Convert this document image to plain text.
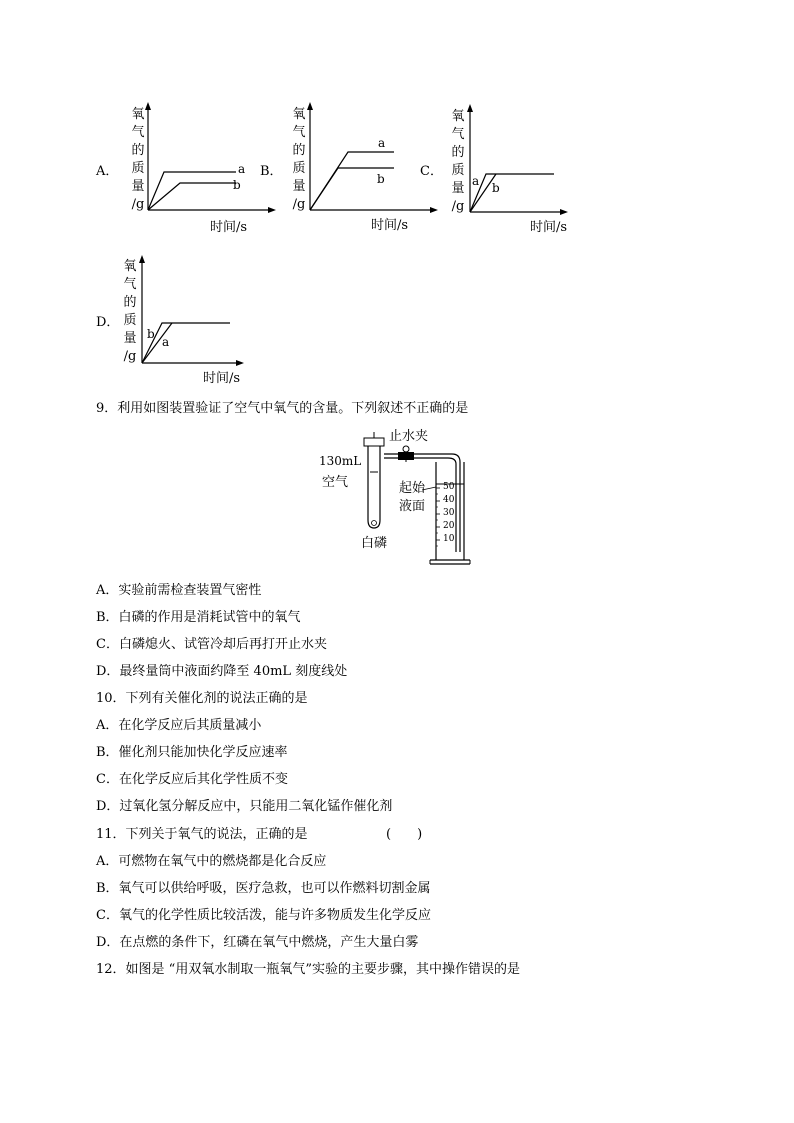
A．
氧
气
的
质
量
/g
a
b
时间/s
B．
氧
气
的
质
量
/g
a
b
时间/s
C．
氧
气
的
质
量
/g
a b
时间/s
D．
氧
气
的
质
量
/g
b
a
时间/s
9．利用如图装置验证了空气中氧气的含量。下列叙述不正确的是
止水夹
130mL
空气
白磷
起始
液面
50
40
30
20
10
A．实验前需检查装置气密性
B．白磷的作用是消耗试管中的氧气
C．白磷熄火、试管冷却后再打开止水夹
D．最终量筒中液面约降至 40mL 刻度线处
10．下列有关催化剂的说法正确的是
A．在化学反应后其质量减小
B．催化剂只能加快化学反应速率
C．在化学反应后其化学性质不变
D．过氧化氢分解反应中，只能用二氧化锰作催化剂
11．下列关于氧气的说法，正确的是	(　　)
A．可燃物在氧气中的燃烧都是化合反应
B．氧气可以供给呼吸，医疗急救，也可以作燃料切割金属
C．氧气的化学性质比较活泼，能与许多物质发生化学反应
D．在点燃的条件下，红磷在氧气中燃烧，产生大量白雾
12．如图是 “用双氧水制取一瓶氧气”实验的主要步骤，其中操作错误的是
